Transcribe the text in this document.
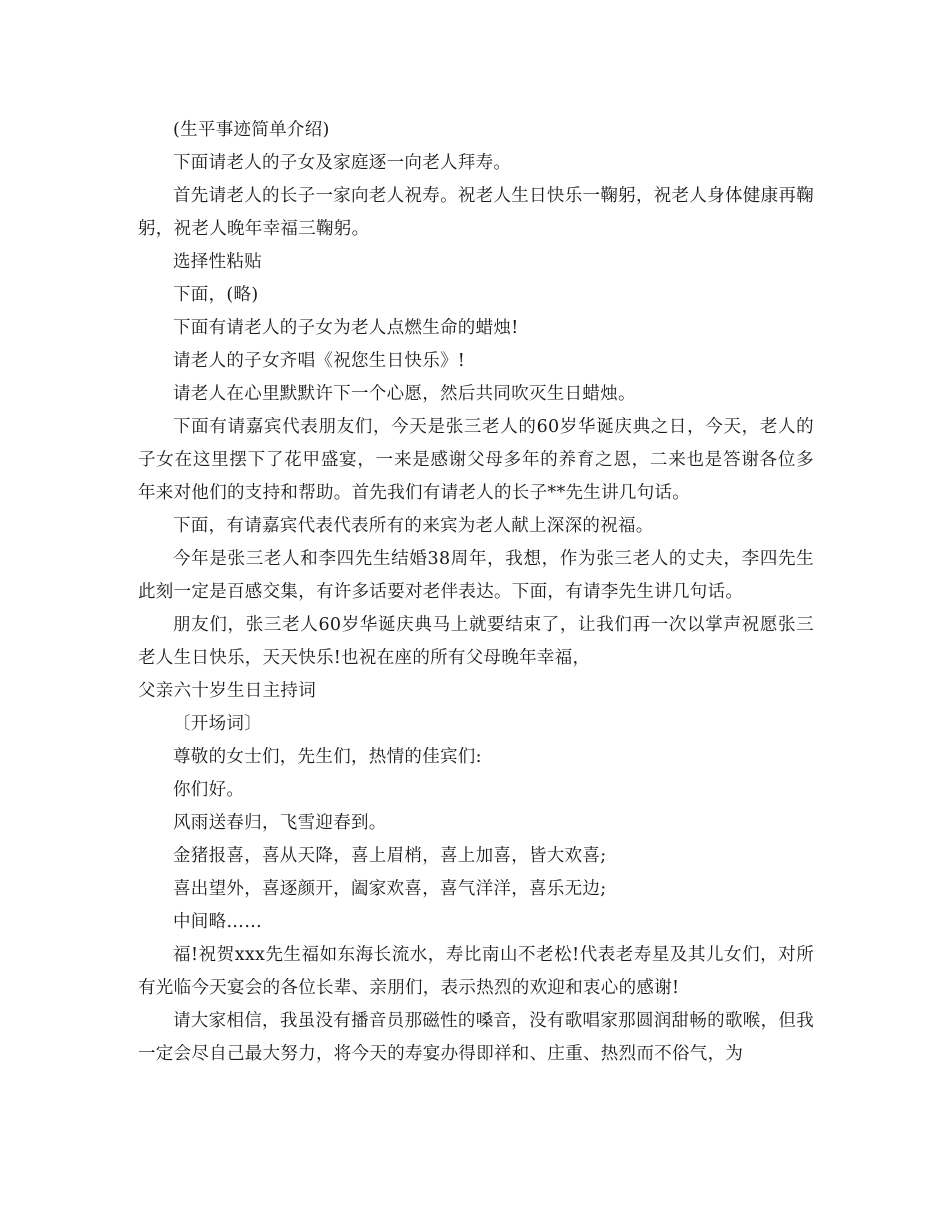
(生平事迹简单介绍)

下面请老人的子女及家庭逐一向老人拜寿。

首先请老人的长子一家向老人祝寿。祝老人生日快乐一鞠躬，祝老人身体健康再鞠躬，祝老人晚年幸福三鞠躬。

选择性粘贴

下面，(略)

下面有请老人的子女为老人点燃生命的蜡烛!

请老人的子女齐唱《祝您生日快乐》!

请老人在心里默默许下一个心愿，然后共同吹灭生日蜡烛。

下面有请嘉宾代表朋友们，今天是张三老人的60岁华诞庆典之日，今天，老人的子女在这里摆下了花甲盛宴，一来是感谢父母多年的养育之恩，二来也是答谢各位多年来对他们的支持和帮助。首先我们有请老人的长子**先生讲几句话。

下面，有请嘉宾代表代表所有的来宾为老人献上深深的祝福。

今年是张三老人和李四先生结婚38周年，我想，作为张三老人的丈夫，李四先生此刻一定是百感交集，有许多话要对老伴表达。下面，有请李先生讲几句话。

朋友们，张三老人60岁华诞庆典马上就要结束了，让我们再一次以掌声祝愿张三老人生日快乐，天天快乐!也祝在座的所有父母晚年幸福，

父亲六十岁生日主持词

〔开场词〕

尊敬的女士们，先生们，热情的佳宾们:

你们好。

风雨送春归，飞雪迎春到。

金猪报喜，喜从天降，喜上眉梢，喜上加喜，皆大欢喜;

喜出望外，喜逐颜开，阖家欢喜，喜气洋洋，喜乐无边;

中间略……

福!祝贺xxx先生福如东海长流水，寿比南山不老松!代表老寿星及其儿女们，对所有光临今天宴会的各位长辈、亲朋们，表示热烈的欢迎和衷心的感谢!

请大家相信，我虽没有播音员那磁性的嗓音，没有歌唱家那圆润甜畅的歌喉，但我一定会尽自己最大努力，将今天的寿宴办得即祥和、庄重、热烈而不俗气，为
